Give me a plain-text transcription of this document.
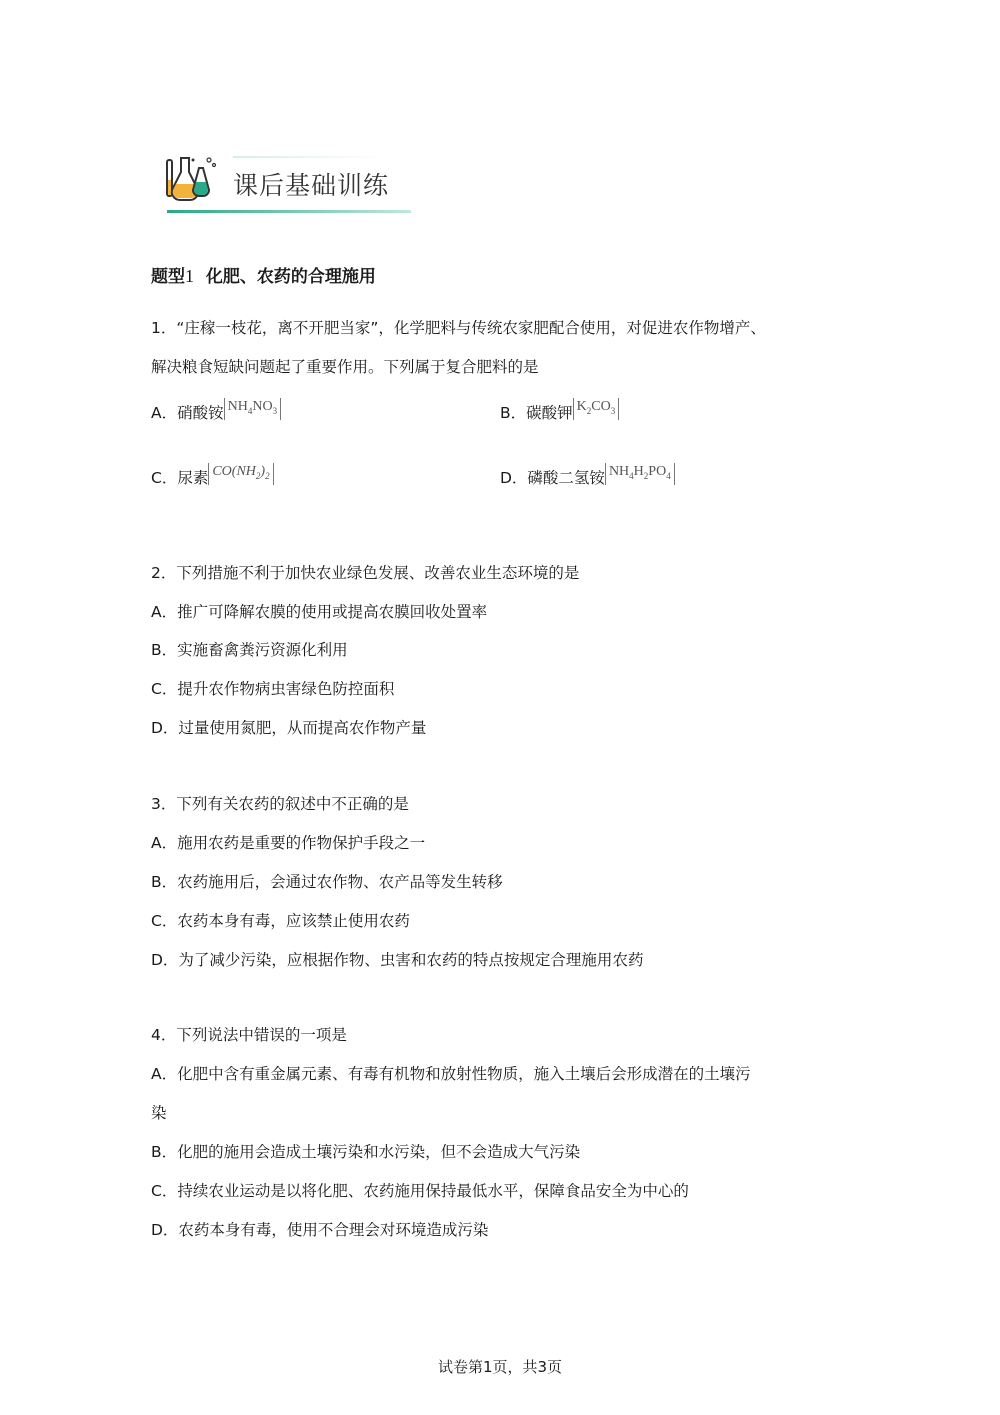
课后基础训练
题型1 化肥、农药的合理施用
1．“庄稼一枝花，离不开肥当家”，化学肥料与传统农家肥配合使用，对促进农作物增产、
解决粮食短缺问题起了重要作用。下列属于复合肥料的是
A．硝酸铵 $NH_4NO_3$	B．碳酸钾 $K_2CO_3$
C．尿素 $CO(NH_2)_2$	D．磷酸二氢铵 $NH_4H_2PO_4$
2．下列措施不利于加快农业绿色发展、改善农业生态环境的是
A．推广可降解农膜的使用或提高农膜回收处置率
B．实施畜禽粪污资源化利用
C．提升农作物病虫害绿色防控面积
D．过量使用氮肥，从而提高农作物产量
3．下列有关农药的叙述中不正确的是
A．施用农药是重要的作物保护手段之一
B．农药施用后，会通过农作物、农产品等发生转移
C．农药本身有毒，应该禁止使用农药
D．为了减少污染，应根据作物、虫害和农药的特点按规定合理施用农药
4．下列说法中错误的一项是
A．化肥中含有重金属元素、有毒有机物和放射性物质，施入土壤后会形成潜在的土壤污
染
B．化肥的施用会造成土壤污染和水污染，但不会造成大气污染
C．持续农业运动是以将化肥、农药施用保持最低水平，保障食品安全为中心的
D．农药本身有毒，使用不合理会对环境造成污染
试卷第1页，共3页
